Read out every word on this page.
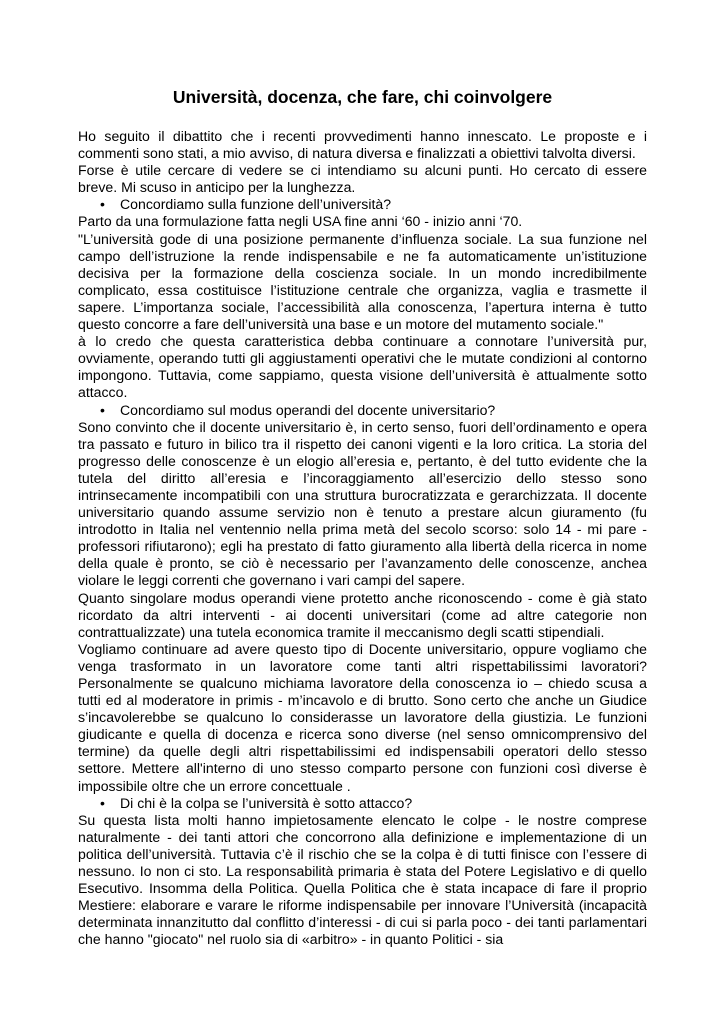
Università, docenza, che fare, chi coinvolgere

Ho seguito il dibattito che i recenti provvedimenti hanno innescato. Le proposte e i commenti sono stati, a mio avviso, di natura diversa e finalizzati a obiettivi talvolta diversi.

Forse è utile cercare di vedere se ci intendiamo su alcuni punti. Ho cercato di essere breve. Mi scuso in anticipo per la lunghezza.

•	Concordiamo sulla funzione dell’università?

Parto da una formulazione fatta negli USA fine anni ‘60 - inizio anni ‘70.

"L’università gode di una posizione permanente d’influenza sociale. La sua funzione nel campo dell’istruzione la rende indispensabile e ne fa automaticamente un’istituzione decisiva per la formazione della coscienza sociale. In un mondo incredibilmente complicato, essa costituisce l’istituzione centrale che organizza, vaglia e trasmette il sapere. L’importanza sociale, l’accessibilità alla conoscenza, l’apertura interna è tutto questo concorre a fare dell’università una base e un motore del mutamento sociale."

à lo credo che questa caratteristica debba continuare a connotare l’università pur, ovviamente, operando tutti gli aggiustamenti operativi che le mutate condizioni al contorno impongono. Tuttavia, come sappiamo, questa visione dell’università è attualmente sotto attacco.

•	Concordiamo sul modus operandi del docente universitario?

Sono convinto che il docente universitario è, in certo senso, fuori dell’ordinamento e opera tra passato e futuro in bilico tra il rispetto dei canoni vigenti e la loro critica. La storia del progresso delle conoscenze è un elogio all’eresia e, pertanto, è del tutto evidente che la tutela del diritto all’eresia e l’incoraggiamento all’esercizio dello stesso sono intrinsecamente incompatibili con una struttura burocratizzata e gerarchizzata. Il docente universitario quando assume servizio non è tenuto a prestare alcun giuramento (fu introdotto in Italia nel ventennio nella prima metà del secolo scorso: solo 14 - mi pare - professori rifiutarono); egli ha prestato di fatto giuramento alla libertà della ricerca in nome della quale è pronto, se ciò è necessario per l’avanzamento delle conoscenze, anchea violare le leggi correnti che governano i vari campi del sapere.

Quanto singolare modus operandi viene protetto anche riconoscendo - come è già stato ricordato da altri interventi - ai docenti universitari (come ad altre categorie non contrattualizzate) una tutela economica tramite il meccanismo degli scatti stipendiali.

Vogliamo continuare ad avere questo tipo di Docente universitario, oppure vogliamo che venga trasformato in un lavoratore come tanti altri rispettabilissimi lavoratori? Personalmente se qualcuno michiama lavoratore della conoscenza io – chiedo scusa a tutti ed al moderatore in primis - m’incavolo e di brutto. Sono certo che anche un Giudice s’incavolerebbe se qualcuno lo considerasse un lavoratore della giustizia. Le funzioni giudicante e quella di docenza e ricerca sono diverse (nel senso omnicomprensivo del termine) da quelle degli altri rispettabilissimi ed indispensabili operatori dello stesso settore. Mettere all'interno di uno stesso comparto persone con funzioni così diverse è impossibile oltre che un errore concettuale .

•	Di chi è la colpa se l’università è sotto attacco?

Su questa lista molti hanno impietosamente elencato le colpe - le nostre comprese naturalmente - dei tanti attori che concorrono alla definizione e implementazione di un politica dell’università. Tuttavia c’è il rischio che se la colpa è di tutti finisce con l’essere di nessuno. Io non ci sto. La responsabilità primaria è stata del Potere Legislativo e di quello Esecutivo. Insomma della Politica. Quella Politica che è stata incapace di fare il proprio Mestiere: elaborare e varare le riforme indispensabile per innovare l’Università (incapacità determinata innanzitutto dal conflitto d’interessi - di cui si parla poco - dei tanti parlamentari che hanno "giocato" nel ruolo sia di «arbitro» - in quanto Politici - sia
